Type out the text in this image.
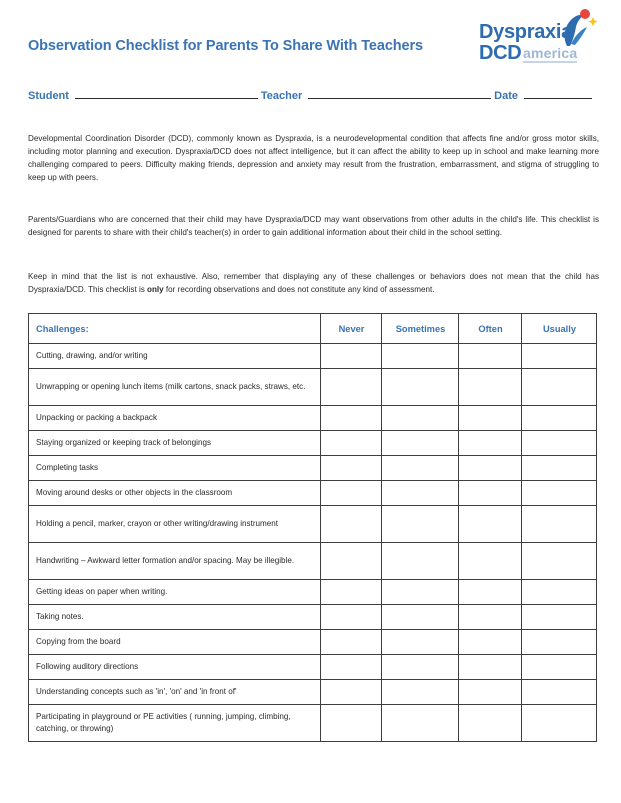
Dyspraxia
DCD america
Observation Checklist for Parents To Share With Teachers
Student	Teacher	Date

Developmental Coordination Disorder (DCD), commonly known as Dyspraxia, is a neurodevelopmental condition that affects fine and/or gross motor skills, including motor planning and execution. Dyspraxia/DCD does not affect intelligence, but it can affect the ability to keep up in school and make learning more challenging compared to peers. Difficulty making friends, depression and anxiety may result from the frustration, embarrassment, and stigma of struggling to keep up with peers.

Parents/Guardians who are concerned that their child may have Dyspraxia/DCD may want observations from other adults in the child's life. This checklist is designed for parents to share with their child's teacher(s) in order to gain additional information about their child in the school setting.

Keep in mind that the list is not exhaustive. Also, remember that displaying any of these challenges or behaviors does not mean that the child has Dyspraxia/DCD. This checklist is only for recording observations and does not constitute any kind of assessment.

Challenges:	Never	Sometimes	Often	Usually
Cutting, drawing, and/or writing				
Unwrapping or opening lunch items (milk cartons, snack packs, straws, etc.				
Unpacking or packing a backpack				
Staying organized or keeping track of belongings				
Completing tasks				
Moving around desks or other objects in the classroom				
Holding a pencil, marker, crayon or other writing/drawing instrument				
Handwriting – Awkward letter formation and/or spacing. May be illegible.				
Getting ideas on paper when writing.				
Taking notes.				
Copying from the board				
Following auditory directions				
Understanding concepts such as 'in', 'on' and 'in front of'				
Participating in playground or PE activities ( running, jumping, climbing, catching, or throwing)				
